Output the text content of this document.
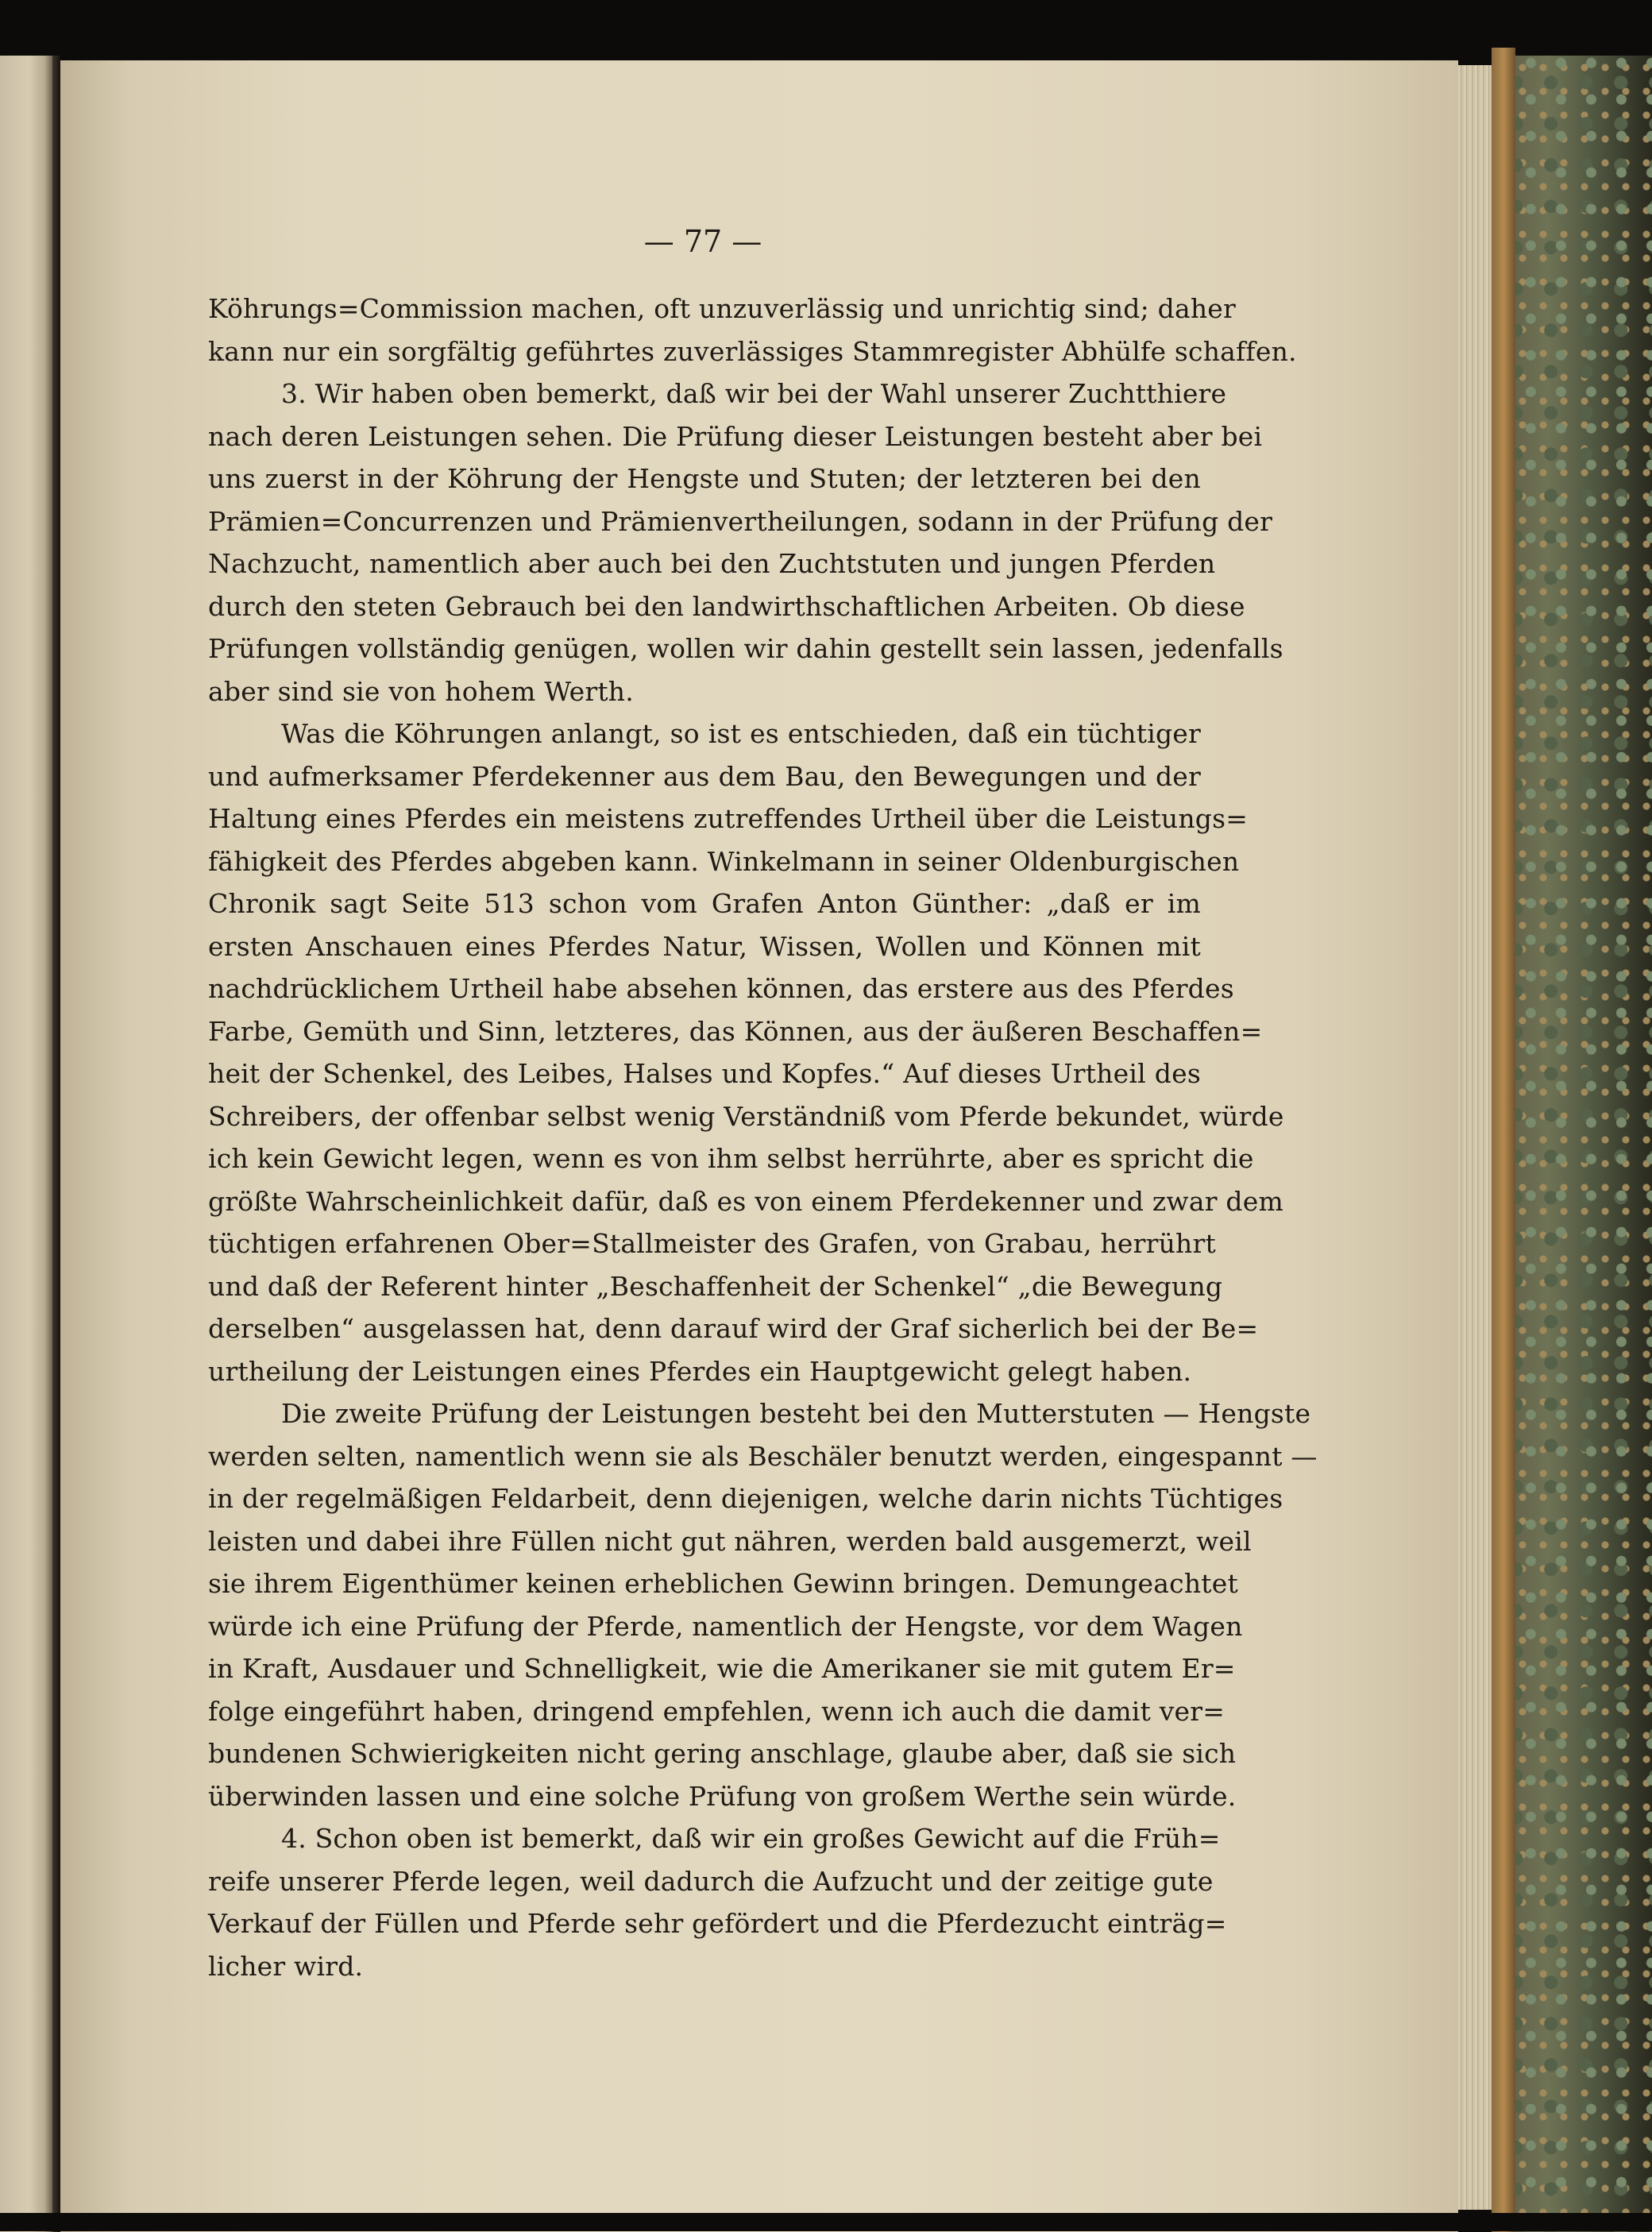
— 77 —
Köhrungs=Commission machen, oft unzuverlässig und unrichtig sind; daher
kann nur ein sorgfältig geführtes zuverlässiges Stammregister Abhülfe schaffen.
3. Wir haben oben bemerkt, daß wir bei der Wahl unserer Zuchtthiere
nach deren Leistungen sehen. Die Prüfung dieser Leistungen besteht aber bei
uns zuerst in der Köhrung der Hengste und Stuten; der letzteren bei den
Prämien=Concurrenzen und Prämienvertheilungen, sodann in der Prüfung der
Nachzucht, namentlich aber auch bei den Zuchtstuten und jungen Pferden
durch den steten Gebrauch bei den landwirthschaftlichen Arbeiten. Ob diese
Prüfungen vollständig genügen, wollen wir dahin gestellt sein lassen, jedenfalls
aber sind sie von hohem Werth.
Was die Köhrungen anlangt, so ist es entschieden, daß ein tüchtiger
und aufmerksamer Pferdekenner aus dem Bau, den Bewegungen und der
Haltung eines Pferdes ein meistens zutreffendes Urtheil über die Leistungs=
fähigkeit des Pferdes abgeben kann. Winkelmann in seiner Oldenburgischen
Chronik sagt Seite 513 schon vom Grafen Anton Günther: „daß er im
ersten Anschauen eines Pferdes Natur, Wissen, Wollen und Können mit
nachdrücklichem Urtheil habe absehen können, das erstere aus des Pferdes
Farbe, Gemüth und Sinn, letzteres, das Können, aus der äußeren Beschaffen=
heit der Schenkel, des Leibes, Halses und Kopfes.“ Auf dieses Urtheil des
Schreibers, der offenbar selbst wenig Verständniß vom Pferde bekundet, würde
ich kein Gewicht legen, wenn es von ihm selbst herrührte, aber es spricht die
größte Wahrscheinlichkeit dafür, daß es von einem Pferdekenner und zwar dem
tüchtigen erfahrenen Ober=Stallmeister des Grafen, von Grabau, herrührt
und daß der Referent hinter „Beschaffenheit der Schenkel“ „die Bewegung
derselben“ ausgelassen hat, denn darauf wird der Graf sicherlich bei der Be=
urtheilung der Leistungen eines Pferdes ein Hauptgewicht gelegt haben.
Die zweite Prüfung der Leistungen besteht bei den Mutterstuten — Hengste
werden selten, namentlich wenn sie als Beschäler benutzt werden, eingespannt —
in der regelmäßigen Feldarbeit, denn diejenigen, welche darin nichts Tüchtiges
leisten und dabei ihre Füllen nicht gut nähren, werden bald ausgemerzt, weil
sie ihrem Eigenthümer keinen erheblichen Gewinn bringen. Demungeachtet
würde ich eine Prüfung der Pferde, namentlich der Hengste, vor dem Wagen
in Kraft, Ausdauer und Schnelligkeit, wie die Amerikaner sie mit gutem Er=
folge eingeführt haben, dringend empfehlen, wenn ich auch die damit ver=
bundenen Schwierigkeiten nicht gering anschlage, glaube aber, daß sie sich
überwinden lassen und eine solche Prüfung von großem Werthe sein würde.
4. Schon oben ist bemerkt, daß wir ein großes Gewicht auf die Früh=
reife unserer Pferde legen, weil dadurch die Aufzucht und der zeitige gute
Verkauf der Füllen und Pferde sehr gefördert und die Pferdezucht einträg=
licher wird.
